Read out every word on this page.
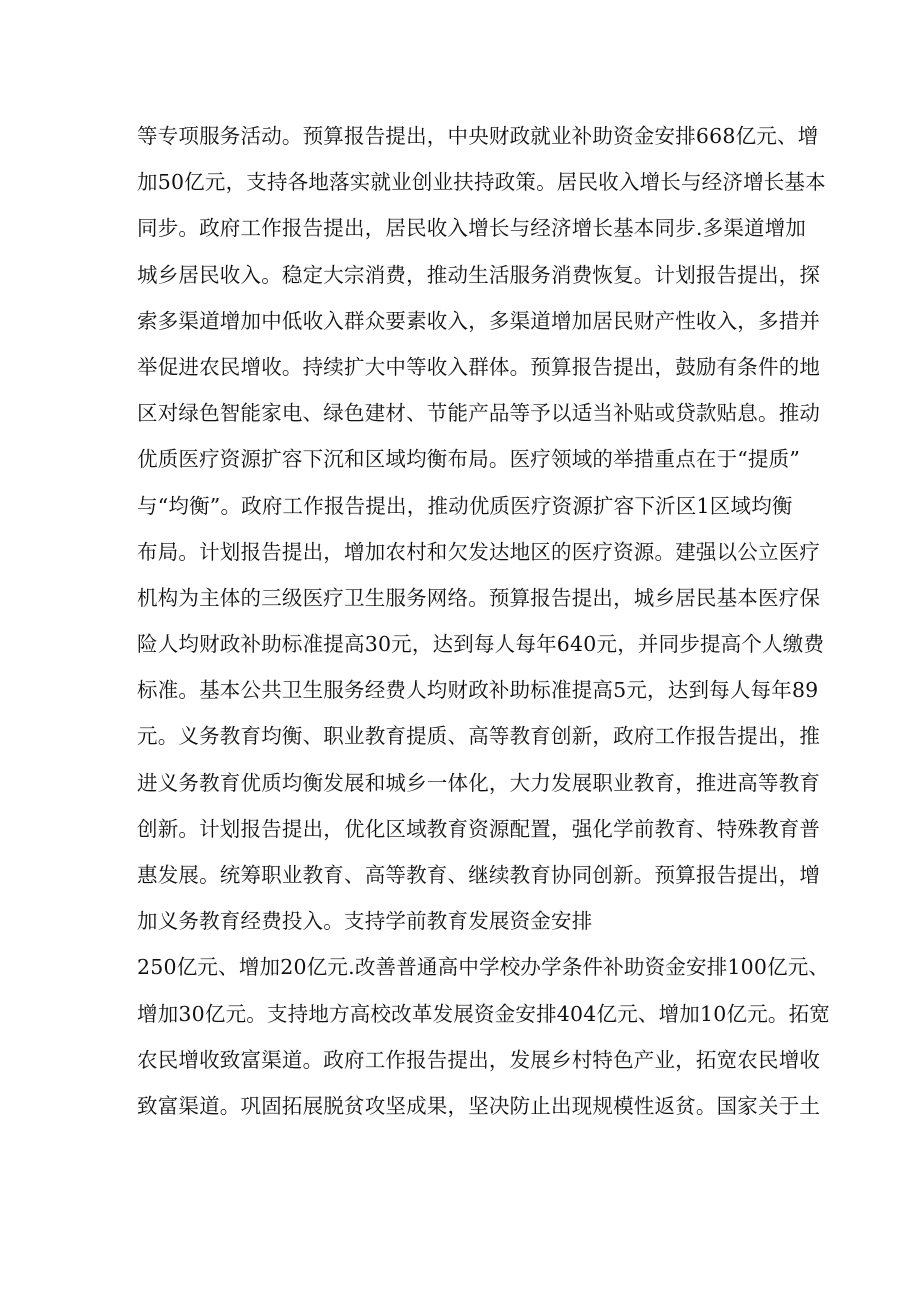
等专项服务活动。预算报告提出，中央财政就业补助资金安排668亿元、增
加50亿元，支持各地落实就业创业扶持政策。居民收入增长与经济增长基本
同步。政府工作报告提出，居民收入增长与经济增长基本同步.多渠道增加
城乡居民收入。稳定大宗消费，推动生活服务消费恢复。计划报告提出，探
索多渠道增加中低收入群众要素收入，多渠道增加居民财产性收入，多措并
举促进农民增收。持续扩大中等收入群体。预算报告提出，鼓励有条件的地
区对绿色智能家电、绿色建材、节能产品等予以适当补贴或贷款贴息。推动
优质医疗资源扩容下沉和区域均衡布局。医疗领域的举措重点在于“提质”
与“均衡”。政府工作报告提出，推动优质医疗资源扩容下沂区1区域均衡
布局。计划报告提出，增加农村和欠发达地区的医疗资源。建强以公立医疗
机构为主体的三级医疗卫生服务网络。预算报告提出，城乡居民基本医疗保
险人均财政补助标准提高30元，达到每人每年640元，并同步提高个人缴费
标准。基本公共卫生服务经费人均财政补助标准提高5元，达到每人每年89
元。义务教育均衡、职业教育提质、高等教育创新，政府工作报告提出，推
进义务教育优质均衡发展和城乡一体化，大力发展职业教育，推进高等教育
创新。计划报告提出，优化区域教育资源配置，强化学前教育、特殊教育普
惠发展。统筹职业教育、高等教育、继续教育协同创新。预算报告提出，增
加义务教育经费投入。支持学前教育发展资金安排
250亿元、增加20亿元.改善普通高中学校办学条件补助资金安排100亿元、
增加30亿元。支持地方高校改革发展资金安排404亿元、增加10亿元。拓宽
农民增收致富渠道。政府工作报告提出，发展乡村特色产业，拓宽农民增收
致富渠道。巩固拓展脱贫攻坚成果，坚决防止出现规模性返贫。国家关于土
